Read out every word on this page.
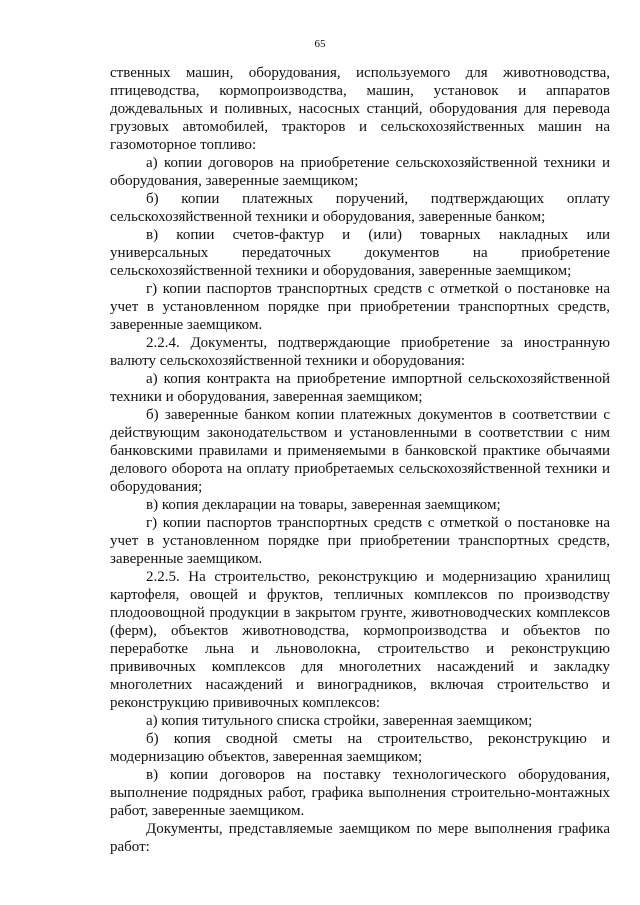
65

ственных машин, оборудования, используемого для животноводства, птицеводства, кормопроизводства, машин, установок и аппаратов дождевальных и поливных, насосных станций, оборудования для перевода грузовых автомобилей, тракторов и сельскохозяйственных машин на газомоторное топливо:

а) копии договоров на приобретение сельскохозяйственной техники и оборудования, заверенные заемщиком;

б) копии платежных поручений, подтверждающих оплату сельскохозяйственной техники и оборудования, заверенные банком;

в) копии счетов-фактур и (или) товарных накладных или универсальных передаточных документов на приобретение сельскохозяйственной техники и оборудования, заверенные заемщиком;

г) копии паспортов транспортных средств с отметкой о постановке на учет в установленном порядке при приобретении транспортных средств, заверенные заемщиком.

2.2.4. Документы, подтверждающие приобретение за иностранную валюту сельскохозяйственной техники и оборудования:

а) копия контракта на приобретение импортной сельскохозяйственной техники и оборудования, заверенная заемщиком;

б) заверенные банком копии платежных документов в соответствии с действующим законодательством и установленными в соответствии с ним банковскими правилами и применяемыми в банковской практике обычаями делового оборота на оплату приобретаемых сельскохозяйственной техники и оборудования;

в) копия декларации на товары, заверенная заемщиком;

г) копии паспортов транспортных средств с отметкой о постановке на учет в установленном порядке при приобретении транспортных средств, заверенные заемщиком.

2.2.5. На строительство, реконструкцию и модернизацию хранилищ картофеля, овощей и фруктов, тепличных комплексов по производству плодоовощной продукции в закрытом грунте, животноводческих комплексов (ферм), объектов животноводства, кормопроизводства и объектов по переработке льна и льноволокна, строительство и реконструкцию прививочных комплексов для многолетних насаждений и закладку многолетних насаждений и виноградников, включая строительство и реконструкцию прививочных комплексов:

а) копия титульного списка стройки, заверенная заемщиком;

б) копия сводной сметы на строительство, реконструкцию и модернизацию объектов, заверенная заемщиком;

в) копии договоров на поставку технологического оборудования, выполнение подрядных работ, графика выполнения строительно-монтажных работ, заверенные заемщиком.

Документы, представляемые заемщиком по мере выполнения графика работ:
